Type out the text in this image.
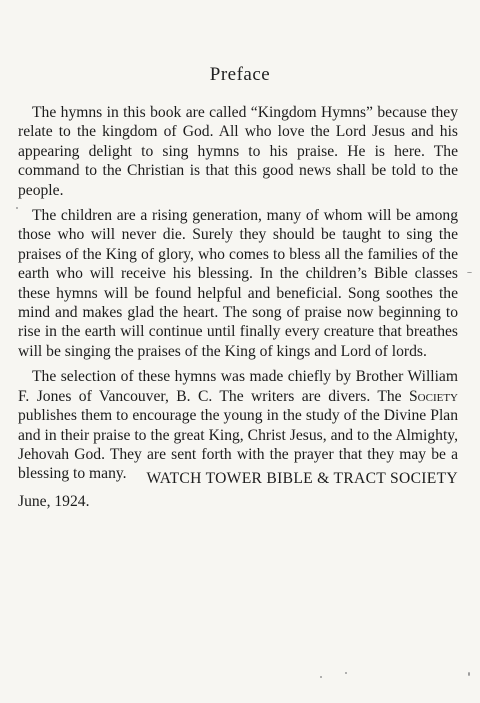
Preface

The hymns in this book are called “Kingdom Hymns” because they relate to the kingdom of God. All who love the Lord Jesus and his appearing delight to sing hymns to his praise. He is here. The command to the Christian is that this good news shall be told to the people.

The children are a rising generation, many of whom will be among those who will never die. Surely they should be taught to sing the praises of the King of glory, who comes to bless all the families of the earth who will receive his blessing. In the children’s Bible classes these hymns will be found helpful and beneficial. Song soothes the mind and makes glad the heart. The song of praise now beginning to rise in the earth will continue until finally every creature that breathes will be singing the praises of the King of kings and Lord of lords.

The selection of these hymns was made chiefly by Brother William F. Jones of Vancouver, B. C. The writers are divers. The Society publishes them to encourage the young in the study of the Divine Plan and in their praise to the great King, Christ Jesus, and to the Almighty, Jehovah God. They are sent forth with the prayer that they may be a blessing to many.	WATCH TOWER BIBLE & TRACT SOCIETY
June, 1924.
